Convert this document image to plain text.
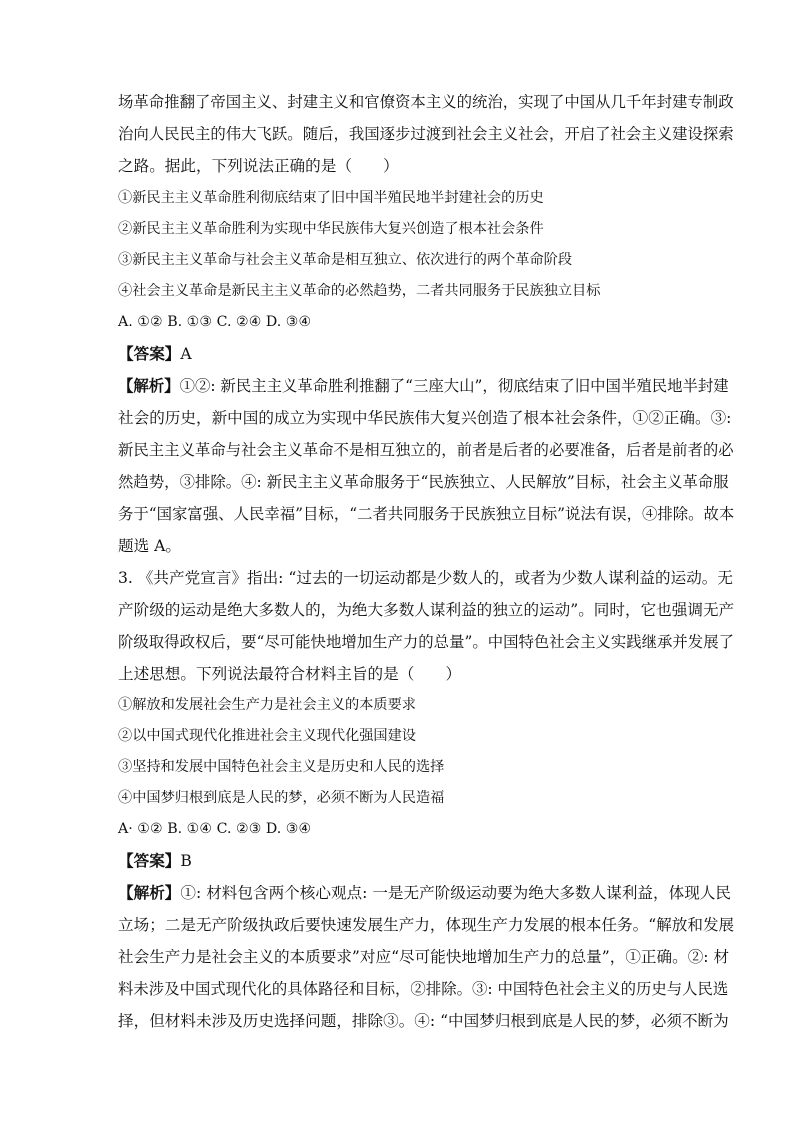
场革命推翻了帝国主义、封建主义和官僚资本主义的统治，实现了中国从几千年封建专制政
治向人民民主的伟大飞跃。随后，我国逐步过渡到社会主义社会，开启了社会主义建设探索
之路。据此，下列说法正确的是（　　）
①新民主主义革命胜利彻底结束了旧中国半殖民地半封建社会的历史
②新民主主义革命胜利为实现中华民族伟大复兴创造了根本社会条件
③新民主主义革命与社会主义革命是相互独立、依次进行的两个革命阶段
④社会主义革命是新民主主义革命的必然趋势，二者共同服务于民族独立目标
A. ①② B. ①③ C. ②④ D. ③④
【答案】A
【解析】①②: 新民主主义革命胜利推翻了“三座大山”，彻底结束了旧中国半殖民地半封建
社会的历史，新中国的成立为实现中华民族伟大复兴创造了根本社会条件，①②正确。③:
新民主主义革命与社会主义革命不是相互独立的，前者是后者的必要准备，后者是前者的必
然趋势，③排除。④: 新民主主义革命服务于“民族独立、人民解放”目标，社会主义革命服
务于“国家富强、人民幸福”目标，“二者共同服务于民族独立目标”说法有误，④排除。故本
题选 A。
3. 《共产党宣言》指出: “过去的一切运动都是少数人的，或者为少数人谋利益的运动。无
产阶级的运动是绝大多数人的，为绝大多数人谋利益的独立的运动”。同时，它也强调无产
阶级取得政权后，要“尽可能快地增加生产力的总量”。中国特色社会主义实践继承并发展了
上述思想。下列说法最符合材料主旨的是（　　）
①解放和发展社会生产力是社会主义的本质要求
②以中国式现代化推进社会主义现代化强国建设
③坚持和发展中国特色社会主义是历史和人民的选择
④中国梦归根到底是人民的梦，必须不断为人民造福
A· ①② B. ①④ C. ②③ D. ③④
【答案】B
【解析】①: 材料包含两个核心观点: 一是无产阶级运动要为绝大多数人谋利益，体现人民
立场；二是无产阶级执政后要快速发展生产力，体现生产力发展的根本任务。“解放和发展
社会生产力是社会主义的本质要求”对应“尽可能快地增加生产力的总量”，①正确。②: 材
料未涉及中国式现代化的具体路径和目标，②排除。③: 中国特色社会主义的历史与人民选
择，但材料未涉及历史选择问题，排除③。④: “中国梦归根到底是人民的梦，必须不断为
